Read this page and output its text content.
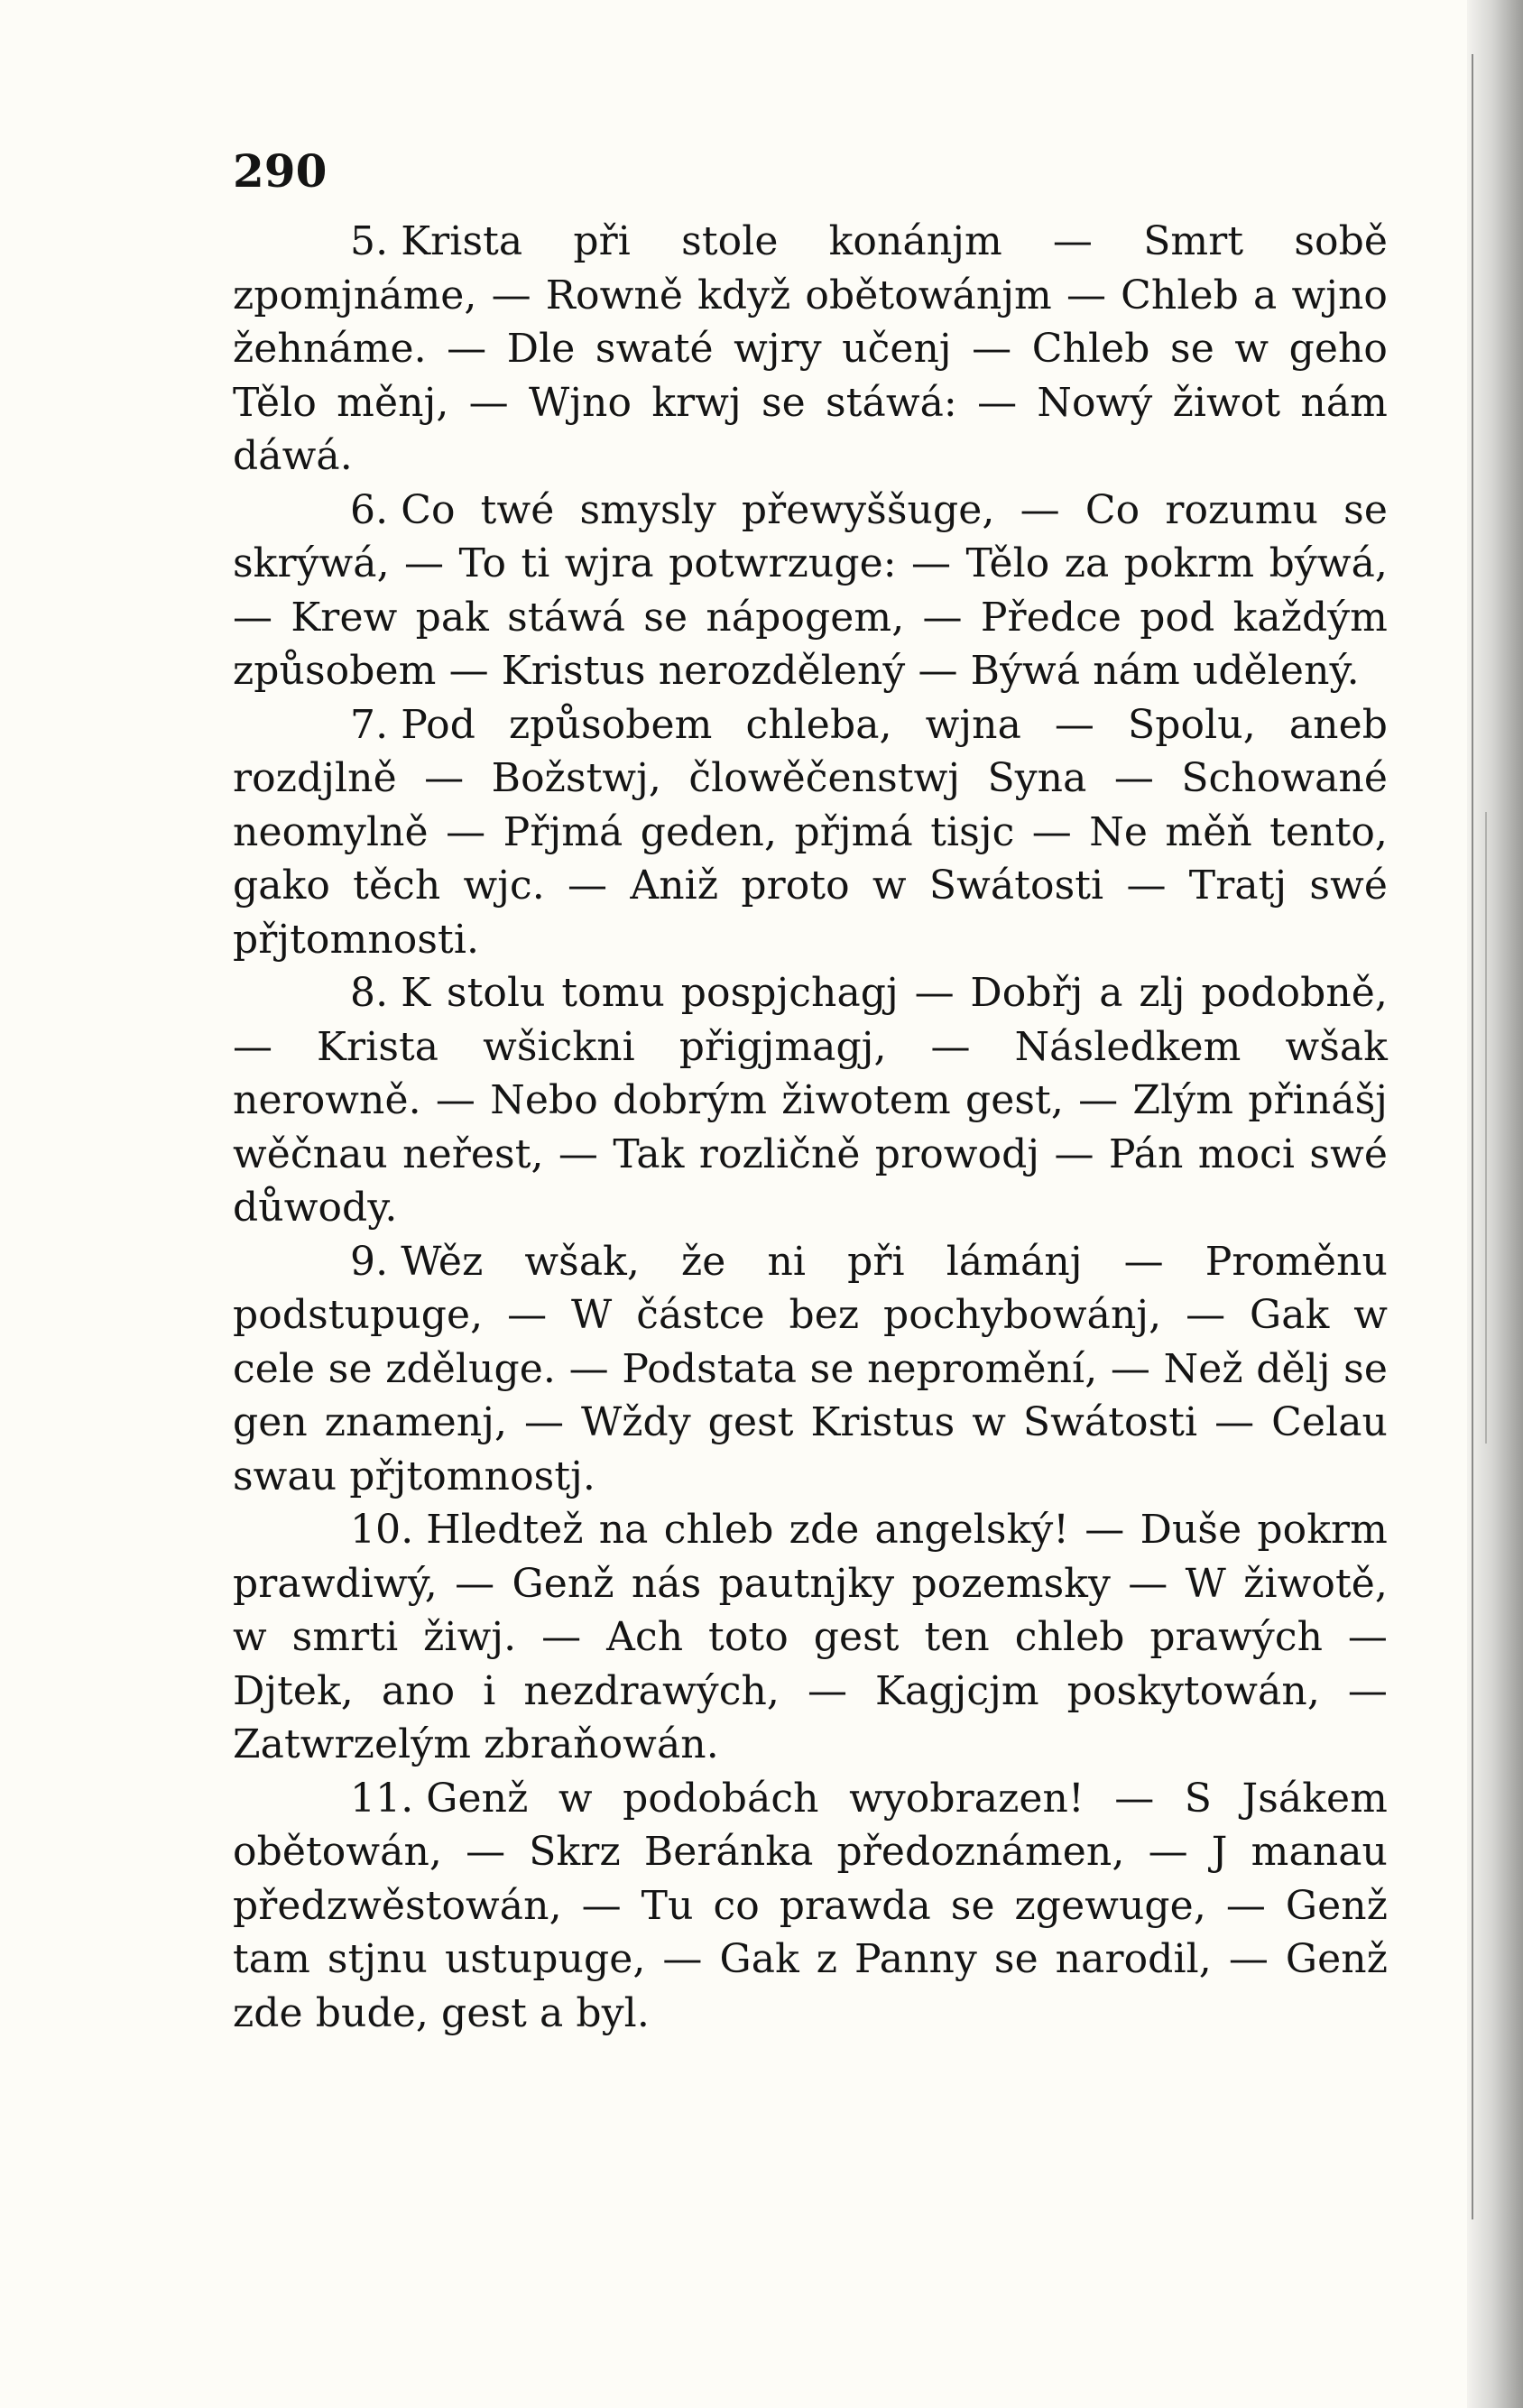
290

5. Krista při stole konánjm — Smrt sobě zpomjnáme, — Rowně když obětowánjm — Chleb a wjno žehnáme. — Dle swaté wjry učenj — Chleb se w geho Tělo měnj, — Wjno krwj se stáwá: — Nowý žiwot nám dáwá.

6. Co twé smysly přewyššuge, — Co rozumu se skrýwá, — To ti wjra potwrzuge: — Tělo za pokrm býwá, — Krew pak stáwá se nápogem, — Předce pod každým způsobem — Kristus nerozdělený — Býwá nám udělený.

7. Pod způsobem chleba, wjna — Spolu, aneb rozdjlně — Božstwj, člowěčenstwj Syna — Schowané neomylně — Přjmá geden, přjmá tisjc — Ne měň tento, gako těch wjc. — Aniž proto w Swátosti — Tratj swé přjtomnosti.

8. K stolu tomu pospjchagj — Dobřj a zlj podobně, — Krista wšickni přigjmagj, — Následkem wšak nerowně. — Nebo dobrým žiwotem gest, — Zlým přinášj wěčnau neřest, — Tak rozličně prowodj — Pán moci swé důwody.

9. Wěz wšak, že ni při lámánj — Proměnu podstupuge, — W částce bez pochybowánj, — Gak w cele se zděluge. — Podstata se nepromění, — Než dělj se gen znamenj, — Wždy gest Kristus w Swátosti — Celau swau přjtomnostj.

10. Hledtež na chleb zde angelský! — Duše pokrm prawdiwý, — Genž nás pautnjky pozemsky — W žiwotě, w smrti žiwj. — Ach toto gest ten chleb prawých — Djtek, ano i nezdrawých, — Kagjcjm poskytowán, — Zatwrzelým zbraňowán.

11. Genž w podobách wyobrazen! — S Jsákem obětowán, — Skrz Beránka předoznámen, — J manau předzwěstowán, — Tu co prawda se zgewuge, — Genž tam stjnu ustupuge, — Gak z Panny se narodil, — Genž zde bude, gest a byl.
